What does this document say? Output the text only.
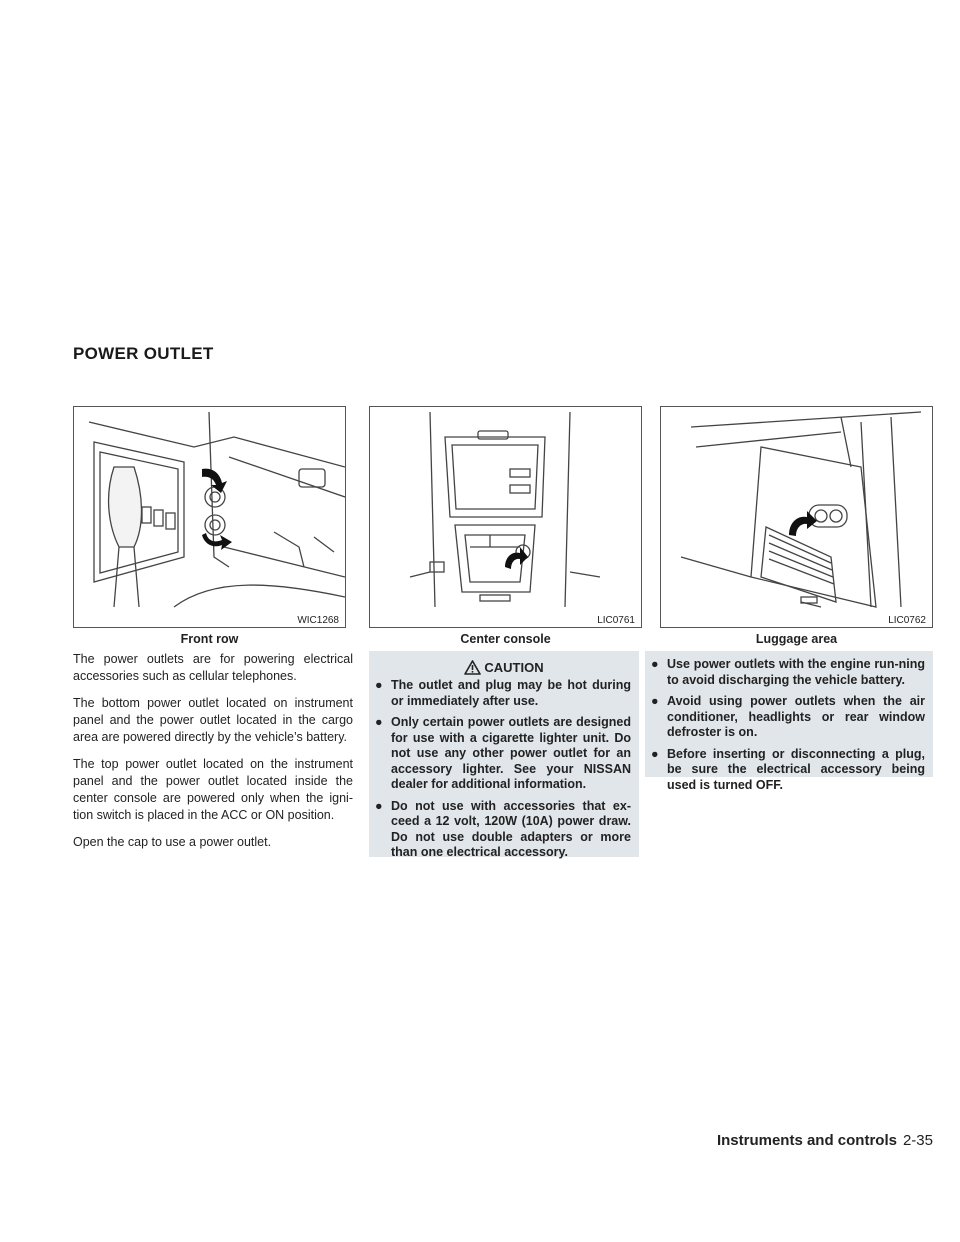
POWER OUTLET
WIC1268	LIC0761	LIC0762
Front row	Center console	Luggage area

The power outlets are for powering electrical accessories such as cellular telephones.

The bottom power outlet located on instrument panel and the power outlet located in the cargo area are powered directly by the vehicle’s battery.

The top power outlet located on the instrument panel and the power outlet located inside the center console are powered only when the igni-tion switch is placed in the ACC or ON position.

Open the cap to use a power outlet.

CAUTION
● The outlet and plug may be hot during or immediately after use.
● Only certain power outlets are designed for use with a cigarette lighter unit. Do not use any other power outlet for an accessory lighter. See your NISSAN dealer for additional information.
● Do not use with accessories that ex-ceed a 12 volt, 120W (10A) power draw. Do not use double adapters or more than one electrical accessory.
● Use power outlets with the engine run-ning to avoid discharging the vehicle battery.
● Avoid using power outlets when the air conditioner, headlights or rear window defroster is on.
● Before inserting or disconnecting a plug, be sure the electrical accessory being used is turned OFF.
Instruments and controls 2-35
